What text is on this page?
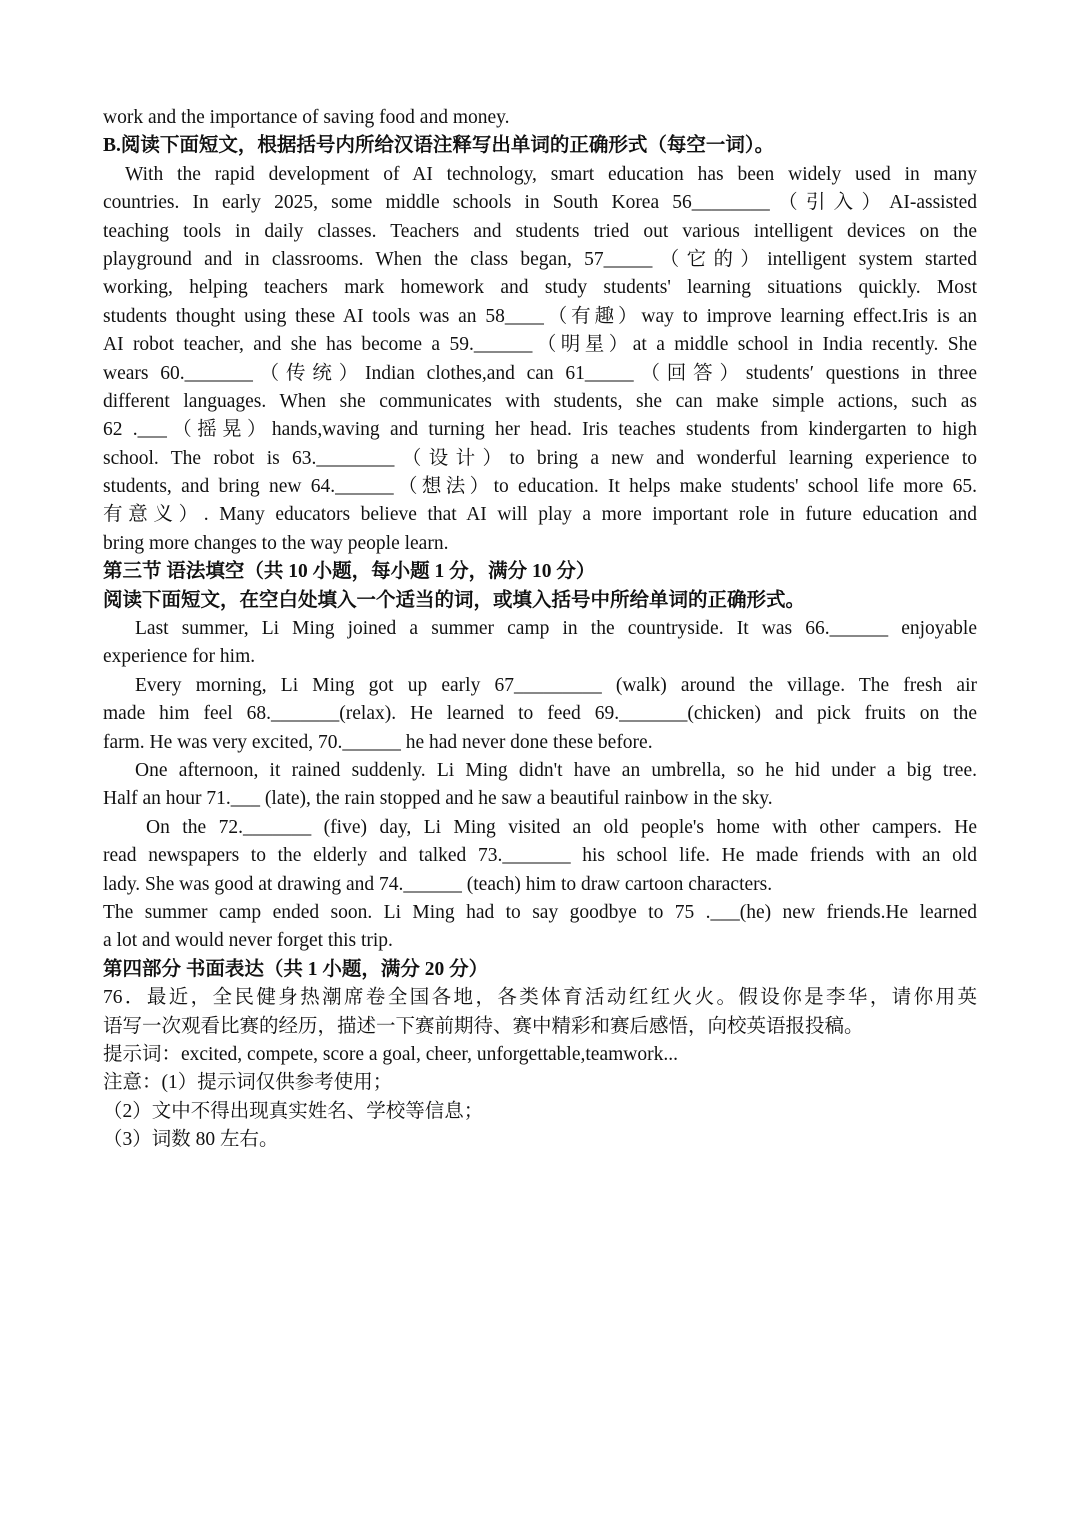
work and the importance of saving food and money.
B.阅读下面短文，根据括号内所给汉语注释写出单词的正确形式（每空一词）。
With the rapid development of AI technology, smart education has been widely used in many
countries. In early 2025, some middle schools in South Korea 56________（引入）AI-assisted
teaching tools in daily classes. Teachers and students tried out various intelligent devices on the
playground and in classrooms. When the class began, 57_____（它的）intelligent system started
working, helping teachers mark homework and study students' learning situations quickly. Most
students thought using these AI tools was an 58____（有趣）way to improve learning effect.Iris is an
AI robot teacher, and she has become a 59.______（明星）at a middle school in India recently. She
wears 60._______（传统）Indian clothes,and can 61_____（回答）students′ questions in three
different languages. When she communicates with students, she can make simple actions, such as
62 .___（摇晃）hands,waving and turning her head. Iris teaches students from kindergarten to high
school. The robot is 63.________（设计）to bring a new and wonderful learning experience to
students, and bring new 64.______（想法）to education. It helps make students' school life more 65.
有意义）. Many educators believe that AI will play a more important role in future education and
bring more changes to the way people learn.
第三节 语法填空（共 10 小题，每小题 1 分，满分 10 分）
阅读下面短文，在空白处填入一个适当的词，或填入括号中所给单词的正确形式。
Last summer, Li Ming joined a summer camp in the countryside. It was 66.______ enjoyable
experience for him.
Every morning, Li Ming got up early 67_________ (walk) around the village. The fresh air
made him feel 68._______(relax). He learned to feed 69._______(chicken) and pick fruits on the
farm. He was very excited, 70.______ he had never done these before.
One afternoon, it rained suddenly. Li Ming didn't have an umbrella, so he hid under a big tree.
Half an hour 71.___ (late), the rain stopped and he saw a beautiful rainbow in the sky.
On the 72._______ (five) day, Li Ming visited an old people's home with other campers. He
read newspapers to the elderly and talked 73._______ his school life. He made friends with an old
lady. She was good at drawing and 74.______ (teach) him to draw cartoon characters.
The summer camp ended soon. Li Ming had to say goodbye to 75 .___(he) new friends.He learned
a lot and would never forget this trip.
第四部分 书面表达（共 1 小题，满分 20 分）
76．最近，全民健身热潮席卷全国各地，各类体育活动红红火火。假设你是李华，请你用英
语写一次观看比赛的经历，描述一下赛前期待、赛中精彩和赛后感悟，向校英语报投稿。
提示词：excited, compete, score a goal, cheer, unforgettable,teamwork...
注意：(1）提示词仅供参考使用；
（2）文中不得出现真实姓名、学校等信息；
（3）词数 80 左右。
